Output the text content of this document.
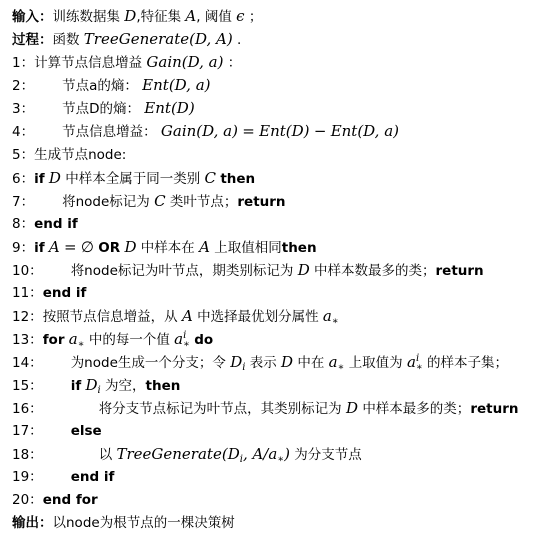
输入：训练数据集 D,特征集 A, 阈值 ϵ ；
过程：函数 TreeGenerate(D, A) .
1：计算节点信息增益 Gain(D, a) ：
2： 节点a的熵： Ent(D, a)
3： 节点D的熵： Ent(D)
4： 节点信息增益： Gain(D, a) = Ent(D) − Ent(D, a)
5：生成节点node:
6：if D 中样本全属于同一类别 C then
7： 将node标记为 C 类叶节点；return
8：end if
9：if A = ∅ OR D 中样本在 A 上取值相同then
10： 将node标记为叶节点，期类别标记为 D 中样本数最多的类；return
11：end if
12：按照节点信息增益，从 A 中选择最优划分属性 $a_∗$
13：for $a_∗$ 中的每一个值 a i
∗ do
14： 为node生成一个分支；令 $D_i$ 表示 D 中在 $a_∗$ 上取值为 a i
∗ 的样本子集；
15： if $D_i$ 为空，then
16：	将分支节点标记为叶节点，其类别标记为 D 中样本最多的类；return
17： else
18：	以 $TreeGenerate(D_i$, $A/a_∗$) 为分支节点
19： end if
20：end for
输出：以node为根节点的一棵决策树
